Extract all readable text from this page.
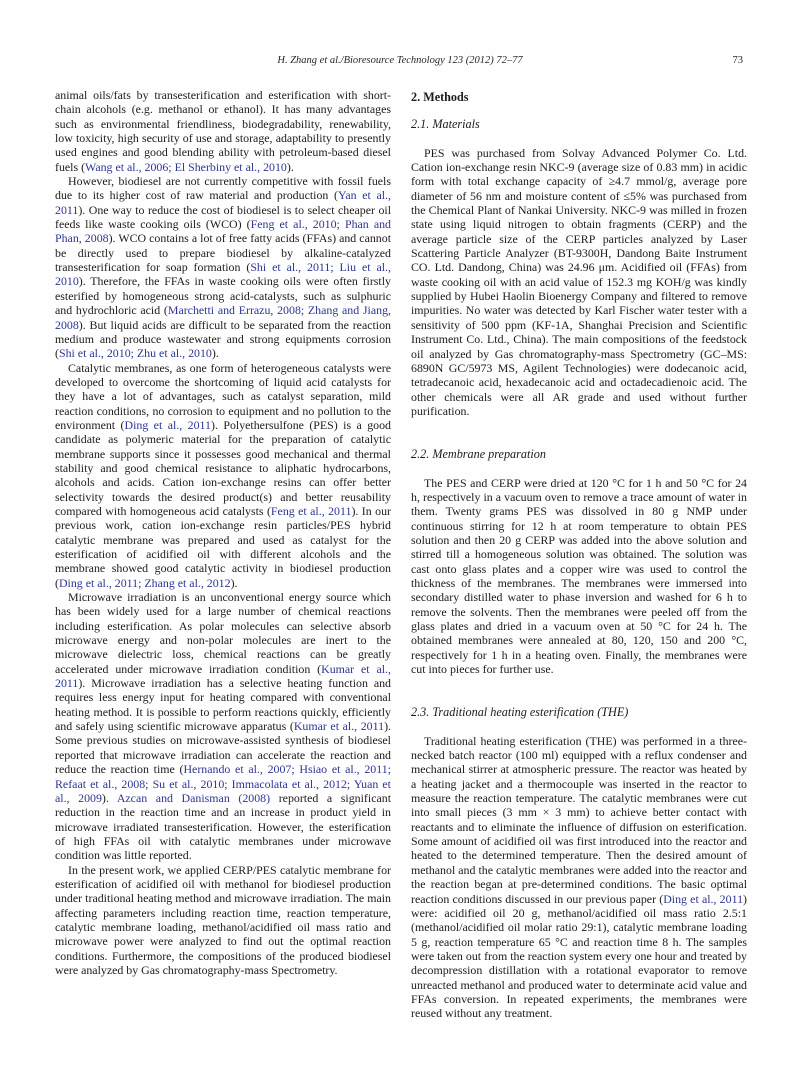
H. Zhang et al./Bioresource Technology 123 (2012) 72–77	73

animal oils/fats by transesterification and esterification with short-chain alcohols (e.g. methanol or ethanol). It has many advantages such as environmental friendliness, biodegradability, renewability, low toxicity, high security of use and storage, adaptability to presently used engines and good blending ability with petroleum-based diesel fuels (Wang et al., 2006; El Sherbiny et al., 2010).

However, biodiesel are not currently competitive with fossil fuels due to its higher cost of raw material and production (Yan et al., 2011). One way to reduce the cost of biodiesel is to select cheaper oil feeds like waste cooking oils (WCO) (Feng et al., 2010; Phan and Phan, 2008). WCO contains a lot of free fatty acids (FFAs) and cannot be directly used to prepare biodiesel by alkaline-catalyzed transesterification for soap formation (Shi et al., 2011; Liu et al., 2010). Therefore, the FFAs in waste cooking oils were often firstly esterified by homogeneous strong acid-catalysts, such as sulphuric and hydrochloric acid (Marchetti and Errazu, 2008; Zhang and Jiang, 2008). But liquid acids are difficult to be separated from the reaction medium and produce wastewater and strong equipments corrosion (Shi et al., 2010; Zhu et al., 2010).

Catalytic membranes, as one form of heterogeneous catalysts were developed to overcome the shortcoming of liquid acid catalysts for they have a lot of advantages, such as catalyst separation, mild reaction conditions, no corrosion to equipment and no pollution to the environment (Ding et al., 2011). Polyethersulfone (PES) is a good candidate as polymeric material for the preparation of catalytic membrane supports since it possesses good mechanical and thermal stability and good chemical resistance to aliphatic hydrocarbons, alcohols and acids. Cation ion-exchange resins can offer better selectivity towards the desired product(s) and better reusability compared with homogeneous acid catalysts (Feng et al., 2011). In our previous work, cation ion-exchange resin particles/PES hybrid catalytic membrane was prepared and used as catalyst for the esterification of acidified oil with different alcohols and the membrane showed good catalytic activity in biodiesel production (Ding et al., 2011; Zhang et al., 2012).

Microwave irradiation is an unconventional energy source which has been widely used for a large number of chemical reactions including esterification. As polar molecules can selective absorb microwave energy and non-polar molecules are inert to the microwave dielectric loss, chemical reactions can be greatly accelerated under microwave irradiation condition (Kumar et al., 2011). Microwave irradiation has a selective heating function and requires less energy input for heating compared with conventional heating method. It is possible to perform reactions quickly, efficiently and safely using scientific microwave apparatus (Kumar et al., 2011). Some previous studies on microwave-assisted synthesis of biodiesel reported that microwave irradiation can accelerate the reaction and reduce the reaction time (Hernando et al., 2007; Hsiao et al., 2011; Refaat et al., 2008; Su et al., 2010; Immacolata et al., 2012; Yuan et al., 2009). Azcan and Danisman (2008) reported a significant reduction in the reaction time and an increase in product yield in microwave irradiated transesterification. However, the esterification of high FFAs oil with catalytic membranes under microwave condition was little reported.

In the present work, we applied CERP/PES catalytic membrane for esterification of acidified oil with methanol for biodiesel production under traditional heating method and microwave irradiation. The main affecting parameters including reaction time, reaction temperature, catalytic membrane loading, methanol/acidified oil mass ratio and microwave power were analyzed to find out the optimal reaction conditions. Furthermore, the compositions of the produced biodiesel were analyzed by Gas chromatography-mass Spectrometry.

2. Methods
2.1. Materials

PES was purchased from Solvay Advanced Polymer Co. Ltd. Cation ion-exchange resin NKC-9 (average size of 0.83 mm) in acidic form with total exchange capacity of ≥4.7 mmol/g, average pore diameter of 56 nm and moisture content of ≤5% was purchased from the Chemical Plant of Nankai University. NKC-9 was milled in frozen state using liquid nitrogen to obtain fragments (CERP) and the average particle size of the CERP particles analyzed by Laser Scattering Particle Analyzer (BT-9300H, Dandong Baite Instrument CO. Ltd. Dandong, China) was 24.96 μm. Acidified oil (FFAs) from waste cooking oil with an acid value of 152.3 mg KOH/g was kindly supplied by Hubei Haolin Bioenergy Company and filtered to remove impurities. No water was detected by Karl Fischer water tester with a sensitivity of 500 ppm (KF-1A, Shanghai Precision and Scientific Instrument Co. Ltd., China). The main compositions of the feedstock oil analyzed by Gas chromatography-mass Spectrometry (GC–MS: 6890N GC/5973 MS, Agilent Technologies) were dodecanoic acid, tetradecanoic acid, hexadecanoic acid and octadecadienoic acid. The other chemicals were all AR grade and used without further purification.

2.2. Membrane preparation

The PES and CERP were dried at 120 °C for 1 h and 50 °C for 24 h, respectively in a vacuum oven to remove a trace amount of water in them. Twenty grams PES was dissolved in 80 g NMP under continuous stirring for 12 h at room temperature to obtain PES solution and then 20 g CERP was added into the above solution and stirred till a homogeneous solution was obtained. The solution was cast onto glass plates and a copper wire was used to control the thickness of the membranes. The membranes were immersed into secondary distilled water to phase inversion and washed for 6 h to remove the solvents. Then the membranes were peeled off from the glass plates and dried in a vacuum oven at 50 °C for 24 h. The obtained membranes were annealed at 80, 120, 150 and 200 °C, respectively for 1 h in a heating oven. Finally, the membranes were cut into pieces for further use.

2.3. Traditional heating esterification (THE)

Traditional heating esterification (THE) was performed in a three-necked batch reactor (100 ml) equipped with a reflux condenser and mechanical stirrer at atmospheric pressure. The reactor was heated by a heating jacket and a thermocouple was inserted in the reactor to measure the reaction temperature. The catalytic membranes were cut into small pieces (3 mm × 3 mm) to achieve better contact with reactants and to eliminate the influence of diffusion on esterification. Some amount of acidified oil was first introduced into the reactor and heated to the determined temperature. Then the desired amount of methanol and the catalytic membranes were added into the reactor and the reaction began at pre-determined conditions. The basic optimal reaction conditions discussed in our previous paper (Ding et al., 2011) were: acidified oil 20 g, methanol/acidified oil mass ratio 2.5:1 (methanol/acidified oil molar ratio 29:1), catalytic membrane loading 5 g, reaction temperature 65 °C and reaction time 8 h. The samples were taken out from the reaction system every one hour and treated by decompression distillation with a rotational evaporator to remove unreacted methanol and produced water to determinate acid value and FFAs conversion. In repeated experiments, the membranes were reused without any treatment.
